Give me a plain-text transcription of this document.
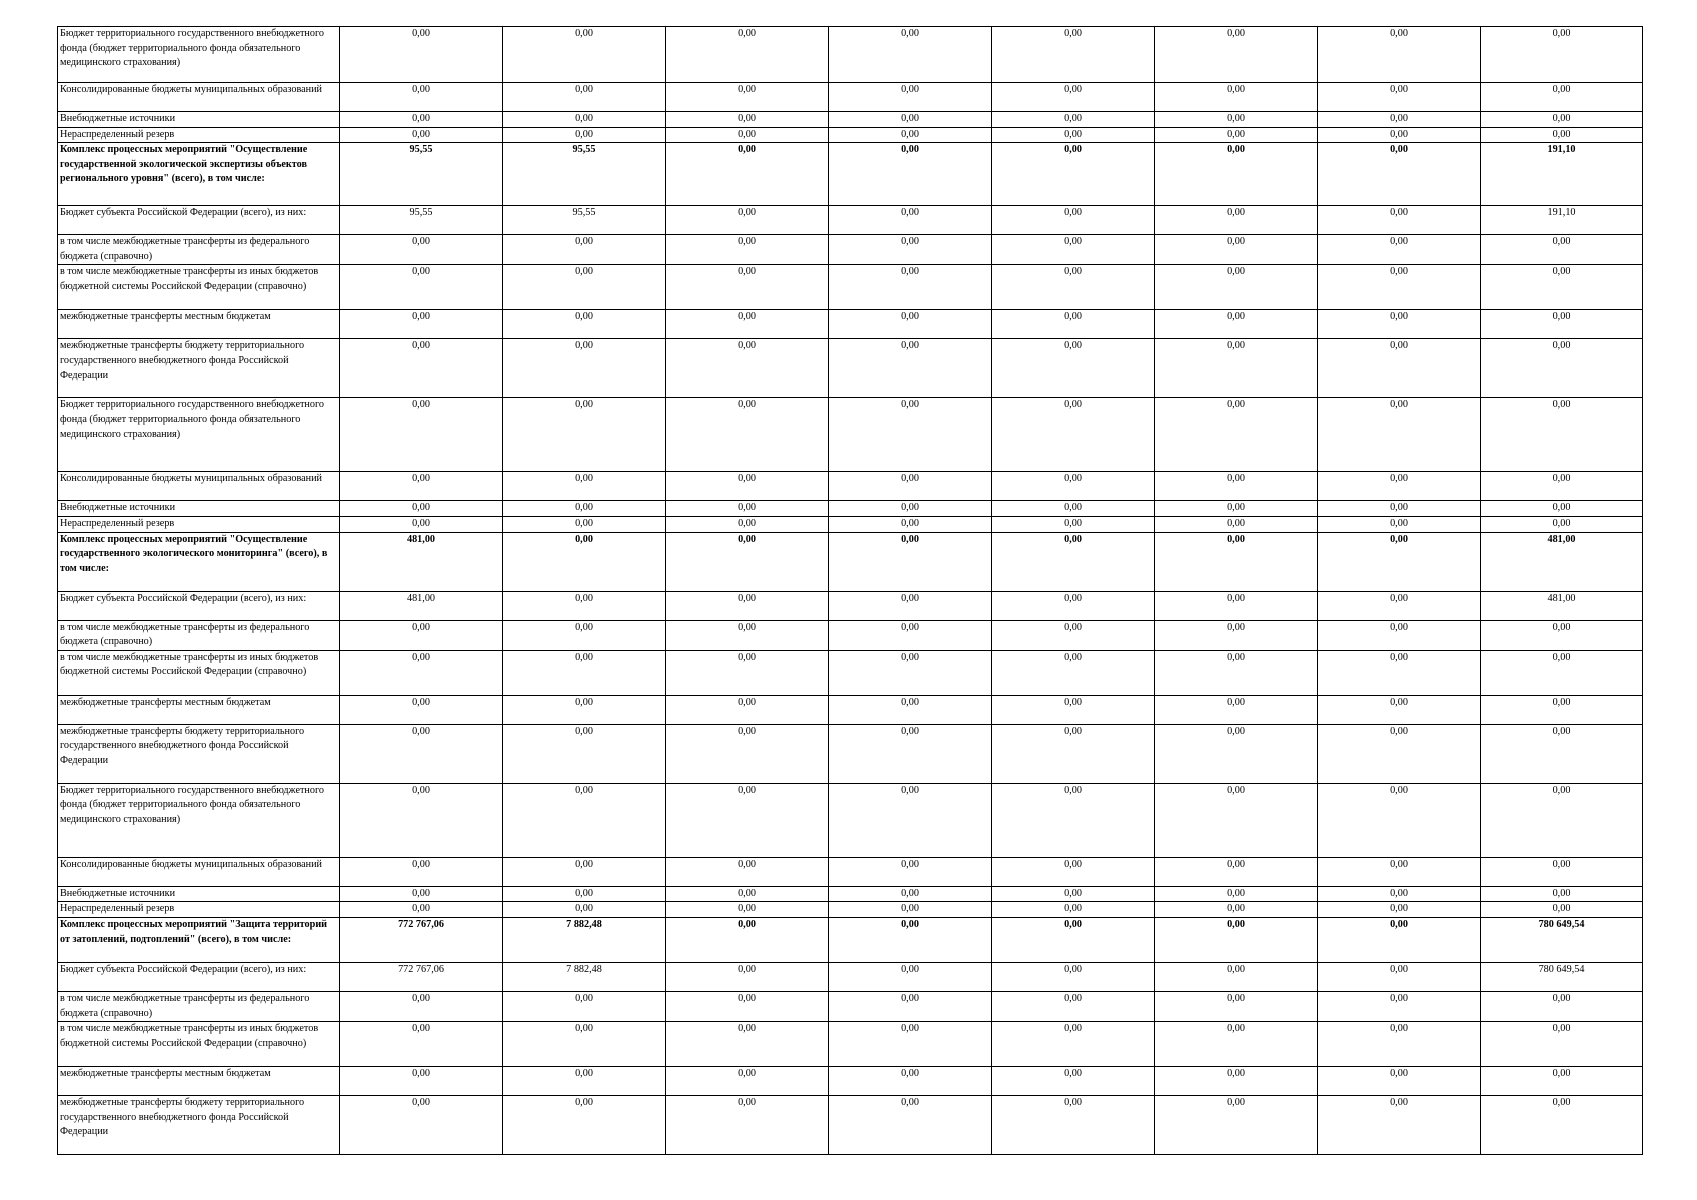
Бюджет территориального государственного внебюджетного фонда (бюджет территориального фонда обязательного медицинского страхования)	0,00	0,00	0,00	0,00	0,00	0,00	0,00	0,00
Консолидированные бюджеты муниципальных образований	0,00	0,00	0,00	0,00	0,00	0,00	0,00	0,00
Внебюджетные источники	0,00	0,00	0,00	0,00	0,00	0,00	0,00	0,00
Нераспределенный резерв	0,00	0,00	0,00	0,00	0,00	0,00	0,00	0,00
Комплекс процессных мероприятий "Осуществление государственной экологической экспертизы объектов регионального уровня" (всего), в том числе:	95,55	95,55	0,00	0,00	0,00	0,00	0,00	191,10
Бюджет субъекта Российской Федерации (всего), из них:	95,55	95,55	0,00	0,00	0,00	0,00	0,00	191,10
в том числе межбюджетные трансферты из федерального бюджета (справочно)	0,00	0,00	0,00	0,00	0,00	0,00	0,00	0,00
в том числе межбюджетные трансферты из иных бюджетов бюджетной системы Российской Федерации (справочно)	0,00	0,00	0,00	0,00	0,00	0,00	0,00	0,00
межбюджетные трансферты местным бюджетам	0,00	0,00	0,00	0,00	0,00	0,00	0,00	0,00
межбюджетные трансферты бюджету территориального государственного внебюджетного фонда Российской Федерации	0,00	0,00	0,00	0,00	0,00	0,00	0,00	0,00
Бюджет территориального государственного внебюджетного фонда (бюджет территориального фонда обязательного медицинского страхования)	0,00	0,00	0,00	0,00	0,00	0,00	0,00	0,00
Консолидированные бюджеты муниципальных образований	0,00	0,00	0,00	0,00	0,00	0,00	0,00	0,00
Внебюджетные источники	0,00	0,00	0,00	0,00	0,00	0,00	0,00	0,00
Нераспределенный резерв	0,00	0,00	0,00	0,00	0,00	0,00	0,00	0,00
Комплекс процессных мероприятий "Осуществление государственного экологического мониторинга" (всего), в том числе:	481,00	0,00	0,00	0,00	0,00	0,00	0,00	481,00
Бюджет субъекта Российской Федерации (всего), из них:	481,00	0,00	0,00	0,00	0,00	0,00	0,00	481,00
в том числе межбюджетные трансферты из федерального бюджета (справочно)	0,00	0,00	0,00	0,00	0,00	0,00	0,00	0,00
в том числе межбюджетные трансферты из иных бюджетов бюджетной системы Российской Федерации (справочно)	0,00	0,00	0,00	0,00	0,00	0,00	0,00	0,00
межбюджетные трансферты местным бюджетам	0,00	0,00	0,00	0,00	0,00	0,00	0,00	0,00
межбюджетные трансферты бюджету территориального государственного внебюджетного фонда Российской Федерации	0,00	0,00	0,00	0,00	0,00	0,00	0,00	0,00
Бюджет территориального государственного внебюджетного фонда (бюджет территориального фонда обязательного медицинского страхования)	0,00	0,00	0,00	0,00	0,00	0,00	0,00	0,00
Консолидированные бюджеты муниципальных образований	0,00	0,00	0,00	0,00	0,00	0,00	0,00	0,00
Внебюджетные источники	0,00	0,00	0,00	0,00	0,00	0,00	0,00	0,00
Нераспределенный резерв	0,00	0,00	0,00	0,00	0,00	0,00	0,00	0,00
Комплекс процессных мероприятий "Защита территорий от затоплений, подтоплений" (всего), в том числе:	772 767,06	7 882,48	0,00	0,00	0,00	0,00	0,00	780 649,54
Бюджет субъекта Российской Федерации (всего), из них:	772 767,06	7 882,48	0,00	0,00	0,00	0,00	0,00	780 649,54
в том числе межбюджетные трансферты из федерального бюджета (справочно)	0,00	0,00	0,00	0,00	0,00	0,00	0,00	0,00
в том числе межбюджетные трансферты из иных бюджетов бюджетной системы Российской Федерации (справочно)	0,00	0,00	0,00	0,00	0,00	0,00	0,00	0,00
межбюджетные трансферты местным бюджетам	0,00	0,00	0,00	0,00	0,00	0,00	0,00	0,00
межбюджетные трансферты бюджету территориального государственного внебюджетного фонда Российской Федерации	0,00	0,00	0,00	0,00	0,00	0,00	0,00	0,00
